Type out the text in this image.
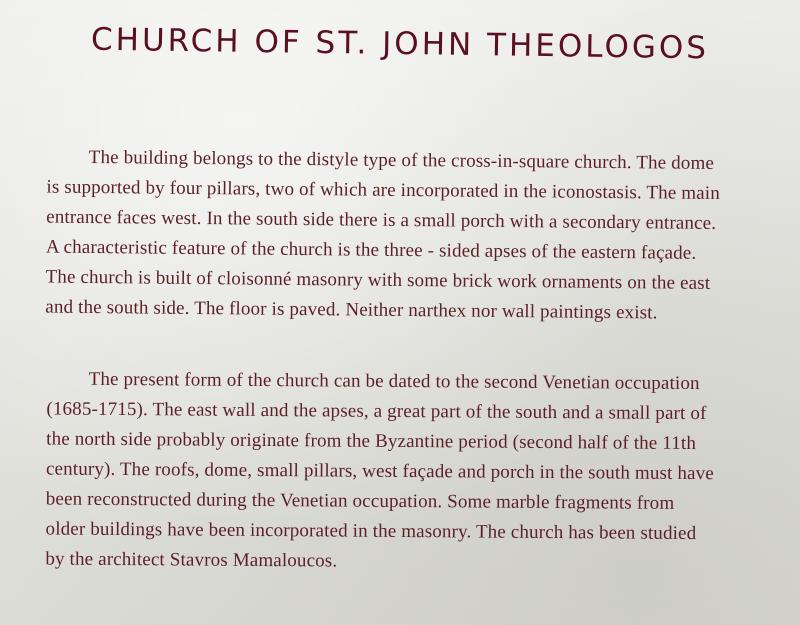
CHURCH OF ST. JOHN THEOLOGOS
The building belongs to the distyle type of the cross-in-square church. The dome
is supported by four pillars, two of which are incorporated in the iconostasis. The main
entrance faces west. In the south side there is a small porch with a secondary entrance.
A characteristic feature of the church is the three - sided apses of the eastern façade.
The church is built of cloisonné masonry with some brick work ornaments on the east
and the south side. The floor is paved. Neither narthex nor wall paintings exist.
The present form of the church can be dated to the second Venetian occupation
(1685-1715). The east wall and the apses, a great part of the south and a small part of
the north side probably originate from the Byzantine period (second half of the 11th
century). The roofs, dome, small pillars, west façade and porch in the south must have
been reconstructed during the Venetian occupation. Some marble fragments from
older buildings have been incorporated in the masonry. The church has been studied
by the architect Stavros Mamaloucos.
